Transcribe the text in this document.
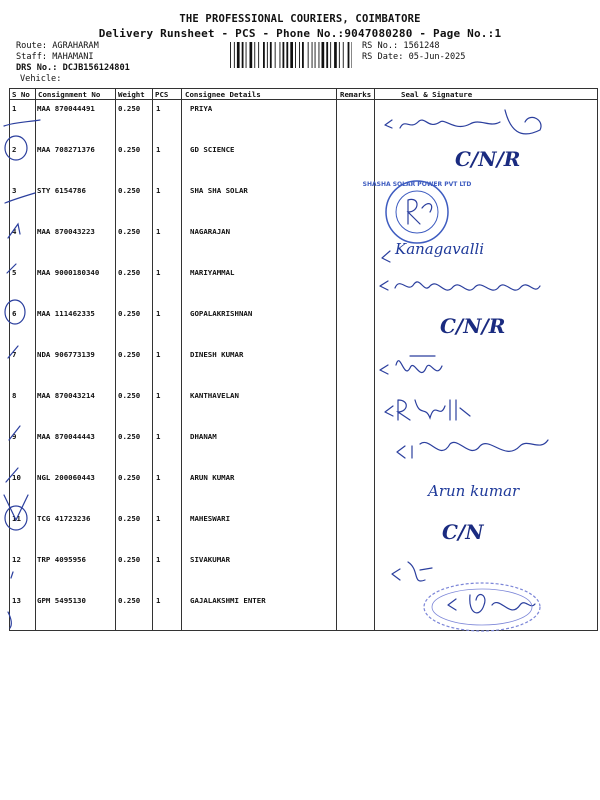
THE PROFESSIONAL COURIERS, COIMBATORE
Delivery Runsheet - PCS - Phone No.:9047080280 - Page No.:1
Route: AGRAHARAM
Staff: MAHAMANI
DRS No.: DCJB156124801
Vehicle:
RS No.: 1561248
RS Date: 05-Jun-2025
S No Consignment No Weight PCS Consignee Details	Remarks	Seal & Signature
1	MAA 870044491	0.250 1	PRIYA
2	MAA 708271376	0.250 1	GD SCIENCE
3	STY 6154786	0.250 1	SHA SHA SOLAR
4	MAA 870043223	0.250 1	NAGARAJAN
5	MAA 9000180340	0.250 1	MARIYAMMAL
6	MAA 111462335	0.250 1	GOPALAKRISHNAN
7	NDA 906773139	0.250 1	DINESH KUMAR
8	MAA 870043214	0.250 1	KANTHAVELAN
9	MAA 870044443	0.250 1	DHANAM
10 NGL 200060443	0.250 1	ARUN KUMAR
11 TCG 41723236	0.250 1	MAHESWARI
12 TRP 4095956	0.250 1	SIVAKUMAR
13 GPM 5495130	0.250 1	GAJALAKSHMI ENTER
SHASHA SOLAR POWER PVT LTD
C/N/R
C/N/R
C/N
Kanagavalli
Arun kumar
